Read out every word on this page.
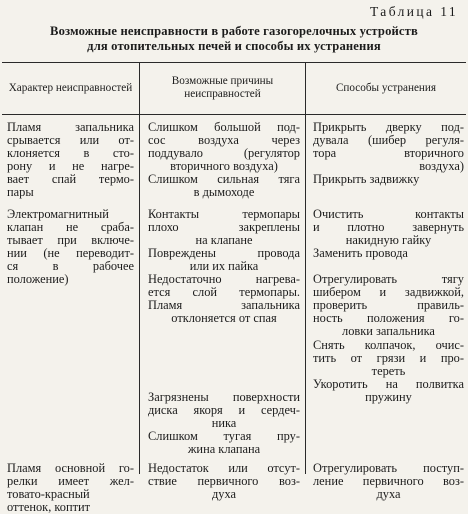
Таблица 11
Возможные неисправности в работе газогорелочных устройств
для отопительных печей и способы их устранения
Характер неисправностей
Возможные причины
неисправностей
Способы устранения
Пламя запальника
срывается или от-
клоняется в сто-
рону и не нагре-
вает спай термо-
пары
Слишком большой под-
сос воздуха через
поддувало (регулятор
вторичного воздуха)
Слишком сильная тяга
в дымоходе
Прикрыть дверку под-
дувала (шибер регуля-
тора вторичного
воздуха)
Прикрыть задвижку
Электромагнитный
клапан не сраба-
тывает при включе-
нии (не переводит-
ся в рабочее
положение)
Контакты термопары
плохо закреплены
на клапане
Повреждены провода
или их пайка
Недостаточно нагрева-
ется слой термопары.
Пламя запальника
отклоняется от спая
Загрязнены поверхности
диска якоря и сердеч-
ника
Слишком тугая пру-
жина клапана
Очистить контакты
и плотно завернуть
накидную гайку
Заменить провода
Отрегулировать тягу
шибером и задвижкой,
проверить правиль-
ность положения го-
ловки запальника
Снять колпачок, очис-
тить от грязи и про-
тереть
Укоротить на полвитка
пружину
Пламя основной го-
релки имеет жел-
товато-красный
оттенок, коптит
Отрегулировать поступ-
ление первичного воз-
духа
Недостаток или отсут-
ствие первичного воз-
духа
